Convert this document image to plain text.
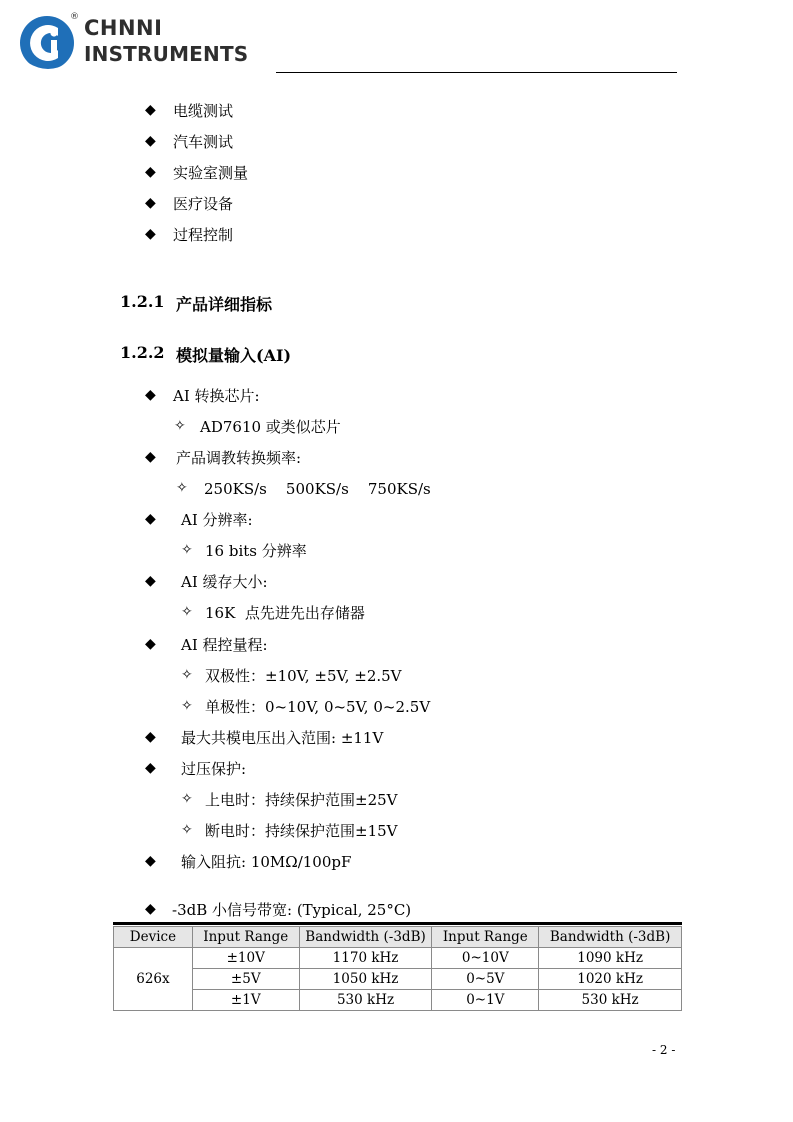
® CHNNI
INSTRUMENTS
◆ 电缆测试
◆ 汽车测试
◆ 实验室测量
◆ 医疗设备
◆ 过程控制
1.2.1 产品详细指标
1.2.2 模拟量输入(AI)
◆ AI 转换芯片:
✧ AD7610 或类似芯片
◆ 产品调教转换频率:
✧ 250KS/s    500KS/s    750KS/s
◆ AI 分辨率:
✧ 16 bits 分辨率
◆ AI 缓存大小:
✧ 16K  点先进先出存储器
◆ AI 程控量程:
✧ 双极性：±10V, ±5V, ±2.5V
✧ 单极性：0~10V, 0~5V, 0~2.5V
◆ 最大共模电压出入范围: ±11V
◆ 过压保护:
✧ 上电时：持续保护范围±25V
✧ 断电时：持续保护范围±15V
◆ 输入阻抗: 10MΩ/100pF
◆ -3dB 小信号带宽: (Typical, 25°C)
Device	Input Range	Bandwidth (-3dB)	Input Range	Bandwidth (-3dB)
626x	±10V	1170 kHz	0~10V	1090 kHz
	±5V	1050 kHz	0~5V	1020 kHz
	±1V	530 kHz	0~1V	530 kHz
- 2 -
